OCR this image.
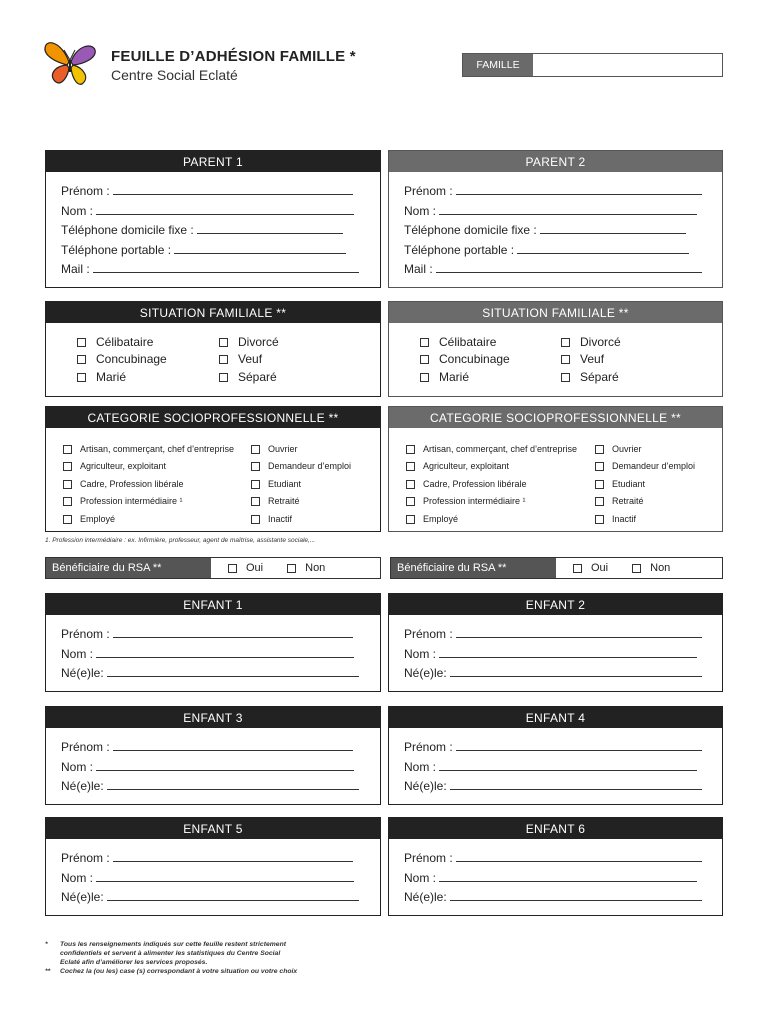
FEUILLE D’ADHÉSION FAMILLE *
Centre Social Eclaté
FAMILLE
PARENT 1
Prénom :
Nom :
Téléphone domicile fixe :
Téléphone portable :
Mail :
PARENT 2
Prénom :
Nom :
Téléphone domicile fixe :
Téléphone portable :
Mail :
SITUATION FAMILIALE **
Célibataire
Concubinage
Marié
Divorcé
Veuf
Séparé
SITUATION FAMILIALE **
Célibataire
Concubinage
Marié
Divorcé
Veuf
Séparé
CATEGORIE SOCIOPROFESSIONNELLE **
Artisan, commerçant, chef d’entreprise
Agriculteur, exploitant
Cadre, Profession libérale
Profession intermédiaire ¹
Employé
Ouvrier
Demandeur d’emploi
Etudiant
Retraité
Inactif
CATEGORIE SOCIOPROFESSIONNELLE **
Artisan, commerçant, chef d’entreprise
Agriculteur, exploitant
Cadre, Profession libérale
Profession intermédiaire ¹
Employé
Ouvrier
Demandeur d’emploi
Etudiant
Retraité
Inactif
1. Profession intermédiaire : ex. Infirmière, professeur, agent de maîtrise, assistante sociale,...
Bénéficiaire du RSA **	Oui	Non	Bénéficiaire du RSA **	Oui	Non
ENFANT 1
Prénom :
Nom :
Né(e)le:
ENFANT 2
Prénom :
Nom :
Né(e)le:
ENFANT 3
Prénom :
Nom :
Né(e)le:
ENFANT 4
Prénom :
Nom :
Né(e)le:
ENFANT 5
Prénom :
Nom :
Né(e)le:
ENFANT 6
Prénom :
Nom :
Né(e)le:
*	Tous les renseignements indiqués sur cette feuille restent strictement
confidentiels et servent à alimenter les statistiques du Centre Social
Eclaté afin d’améliorer les services proposés.
**	Cochez la (ou les) case (s) correspondant à votre situation ou votre choix
